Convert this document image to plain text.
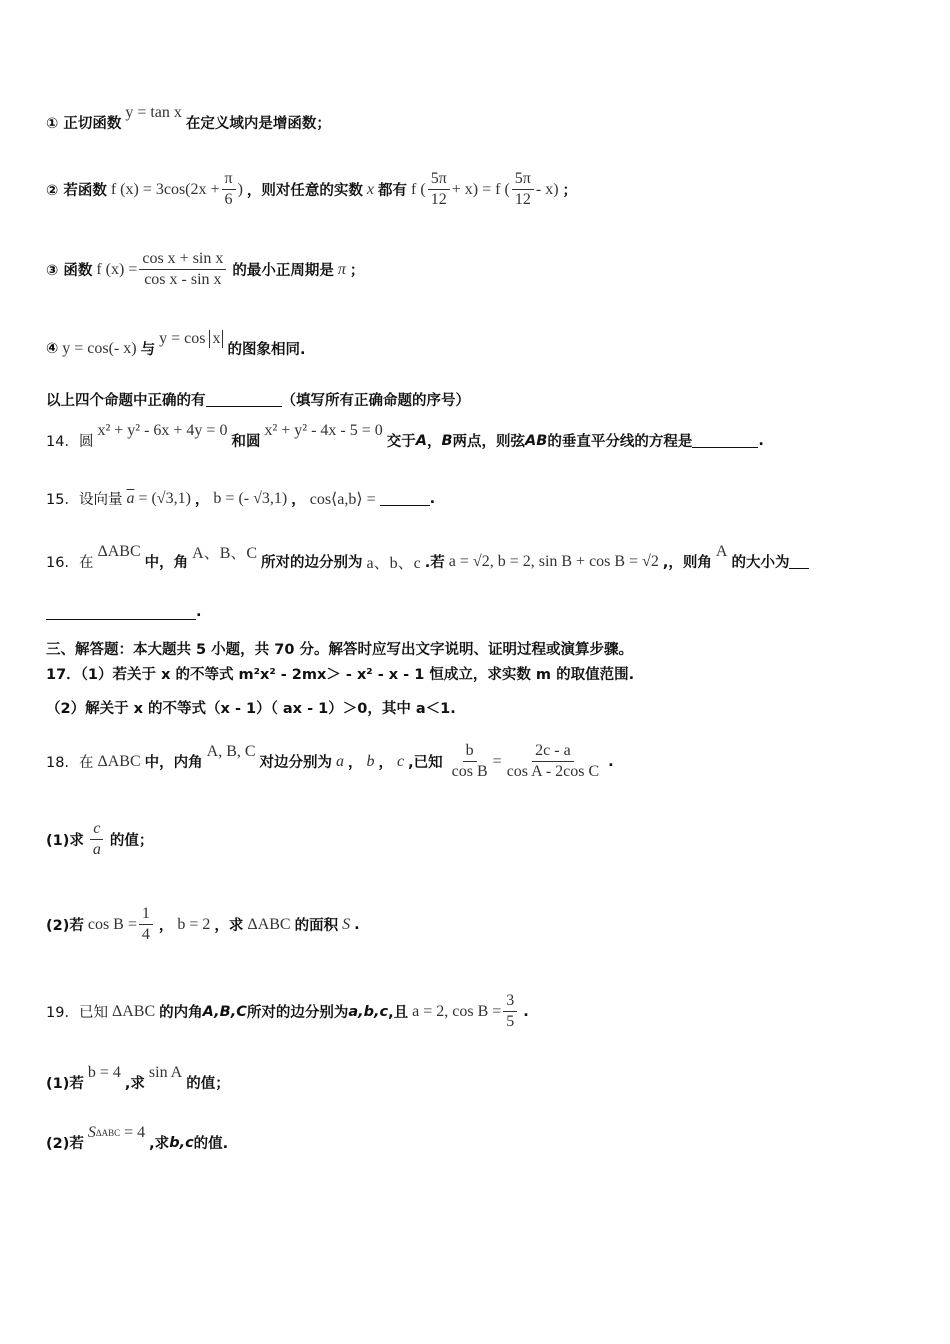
① 正切函数
y = tan x
在定义域内是增函数；
② 若函数 f $(x) = 3\cos(2x + \frac{\pi}{6}$ ) ，则对任意的实数 x 都有 f ( $\frac{5\pi}{12} + x) = f$ ( $\frac{5\pi}{12} - x$) ；
③ 函数 f $(x) = \frac{\text{cos x + sin x}}{\text{cos x - sin x}}$ 的最小正周期是 π ；
④ y = cos(- x) 与
y = cos
x
的图象相同.
以上四个命题中正确的有	（填写所有正确命题的序号）
14．圆
x² + y² - 6x + 4y = 0
和圆
x² + y² - 4x - 5 = 0
交于 A ， B 两点，则弦 AB 的垂直平分线的方程是	.
15．设向量 $\overline{a}$
= (√3,1) ， b = (- √3,1) ， cos⟨a,b⟩ =	.
16．在
ΔABC
中，角
A、B、C
所对的边分别为 a、b、c .若 a = √2, b = 2, sin B + cos B = √2 ,，则角
A
的大小为
.
三、解答题：本大题共 5 小题，共 70 分。解答时应写出文字说明、证明过程或演算步骤。
17．（1）若关于 x 的不等式 m²x² ‐ 2mx＞ ‐ x² ‐ x ‐ 1 恒成立，求实数 m 的取值范围.
（2）解关于 x 的不等式（x ‐ 1）（ ax ‐ 1）＞0，其中 a＜1.
18．在 ΔABC 中，内角
A, B, C
对边分别为 a ， b ， c ,已知 $\frac{b}{\text{cos B}} = \frac{2c - a}{\text{cos A - 2cos C}}$ .
(1)求 $\frac{c}{a}$ 的值；
(2)若 $\cos B = \frac{1}{4}$ ， b = 2 ，求 ΔABC 的面积 S .
19．已知 ΔABC 的内角 A,B,C 所对的边分别为 a,b,c ,且 a = 2, $\cos B = \frac{3}{5}$ .
(1)若
b = 4
,求
sin A
的值；
(2)若
S ΔABC
= 4
,求 b,c 的值.
